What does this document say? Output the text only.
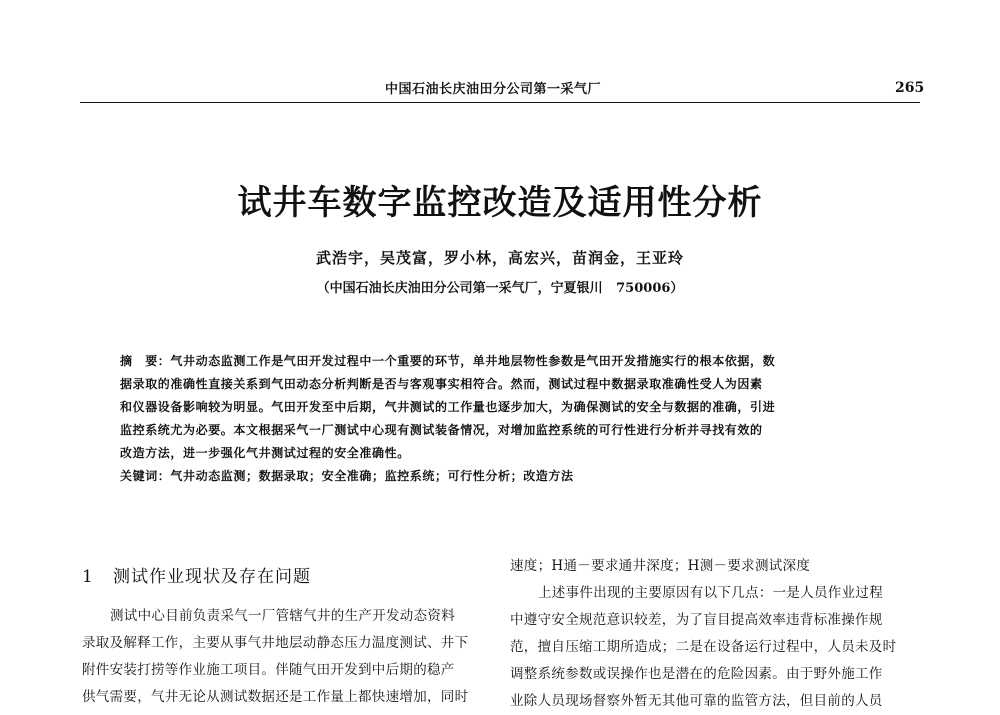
中国石油长庆油田分公司第一采气厂	265
试井车数字监控改造及适用性分析
武浩宇，吴茂富，罗小林，高宏兴，苗润金，王亚玲
（中国石油长庆油田分公司第一采气厂，宁夏银川   750006）
摘　要：气井动态监测工作是气田开发过程中一个重要的环节，单井地层物性参数是气田开发措施实行的根本依据，数
据录取的准确性直接关系到气田动态分析判断是否与客观事实相符合。然而，测试过程中数据录取准确性受人为因素
和仪器设备影响较为明显。气田开发至中后期，气井测试的工作量也逐步加大，为确保测试的安全与数据的准确，引进
监控系统尤为必要。本文根据采气一厂测试中心现有测试装备情况，对增加监控系统的可行性进行分析并寻找有效的
改造方法，进一步强化气井测试过程的安全准确性。
关键词：气井动态监测；数据录取；安全准确；监控系统；可行性分析；改造方法
1   测试作业现状及存在问题
测试中心目前负责采气一厂管辖气井的生产开发动态资料
录取及解释工作，主要从事气井地层动静态压力温度测试、井下
附件安装打捞等作业施工项目。伴随气田开发到中后期的稳产
供气需要，气井无论从测试数据还是工作量上都快速增加，同时
速度；H通－要求通井深度；H测－要求测试深度
上述事件出现的主要原因有以下几点：一是人员作业过程
中遵守安全规范意识较差，为了盲目提高效率违背标准操作规
范，擅自压缩工期所造成；二是在设备运行过程中，人员未及时
调整系统参数或误操作也是潜在的危险因素。由于野外施工作
业除人员现场督察外暂无其他可靠的监管方法，但目前的人员
